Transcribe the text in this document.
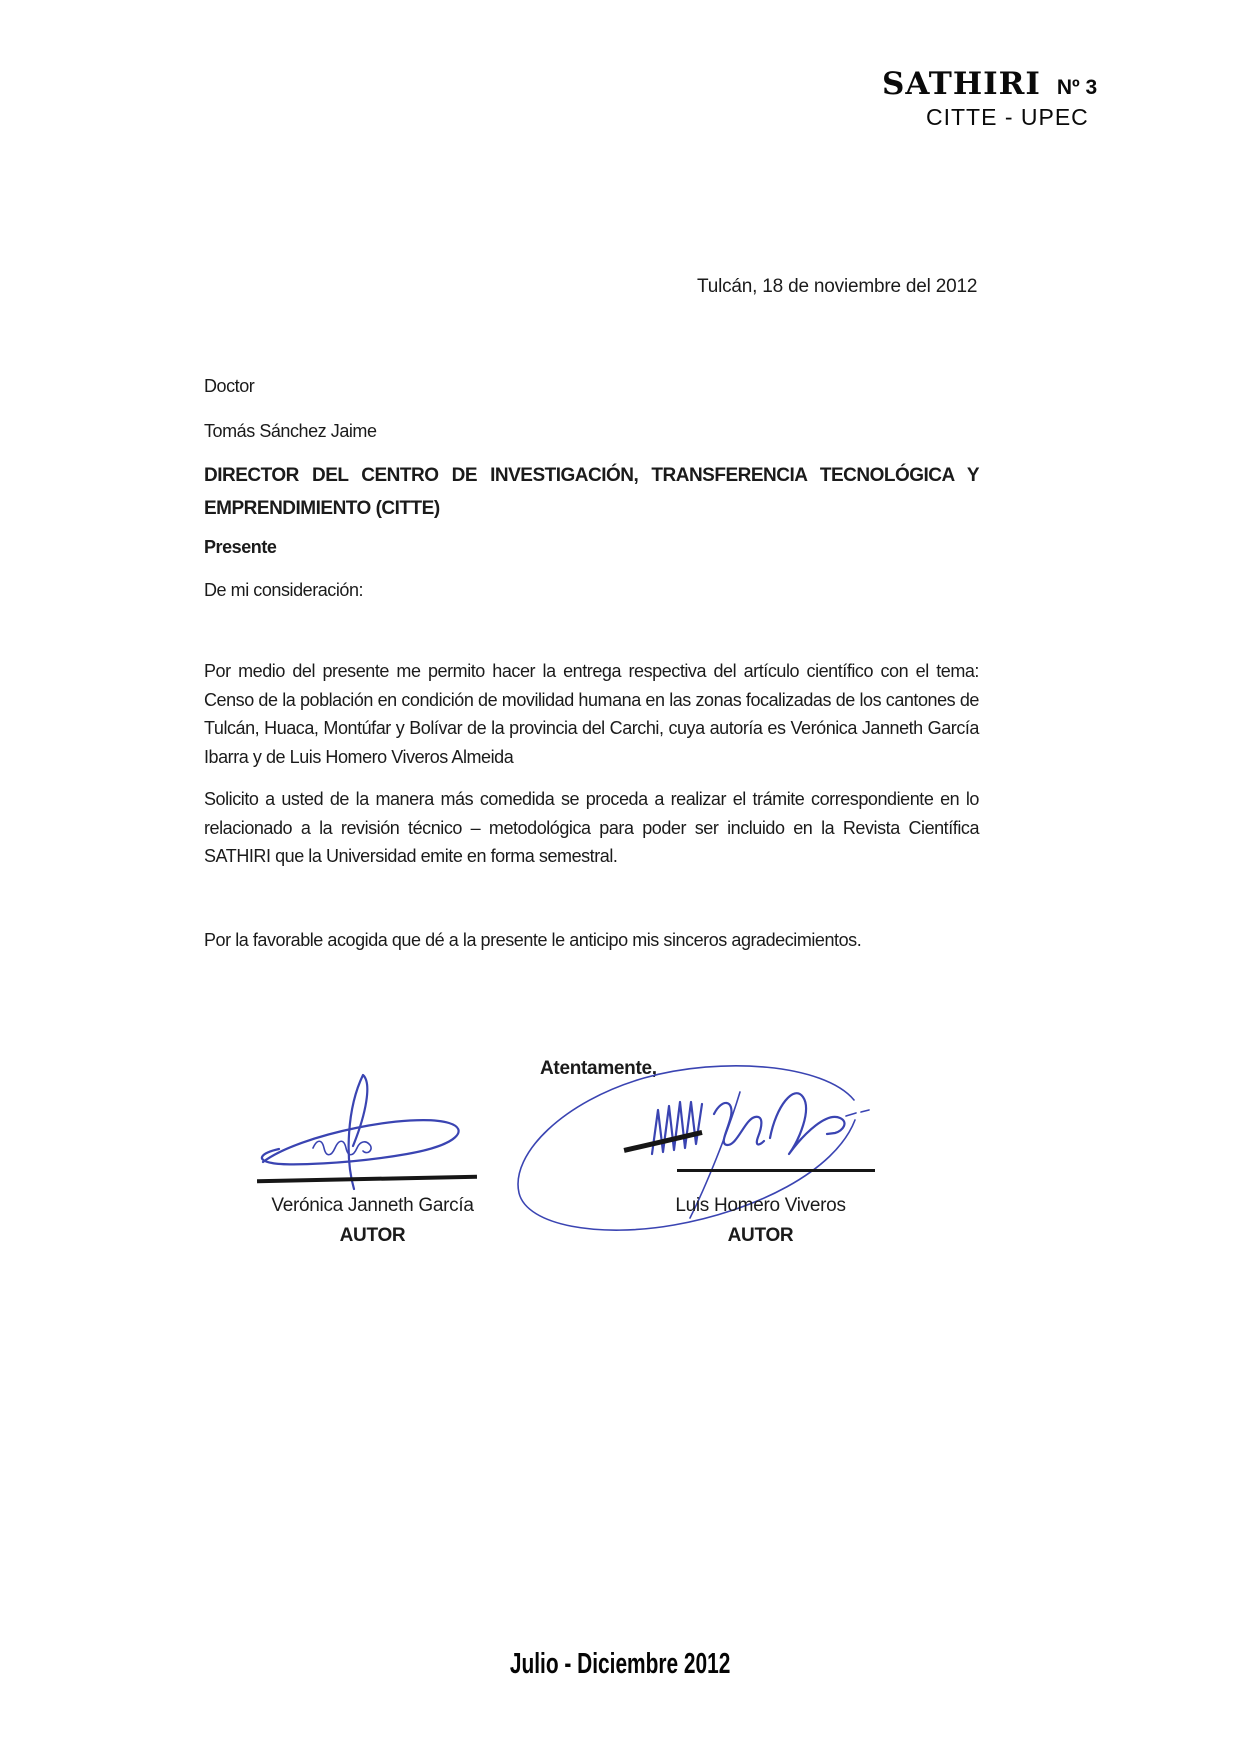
SATHIRI Nº 3
CITTE - UPEC
Tulcán, 18 de noviembre del 2012
Doctor
Tomás Sánchez Jaime
DIRECTOR DEL CENTRO DE INVESTIGACIÓN, TRANSFERENCIA TECNOLÓGICA Y
EMPRENDIMIENTO (CITTE)
Presente
De mi consideración:
Por medio del presente me permito hacer la entrega respectiva del artículo científico con el tema: Censo de la población en condición de movilidad humana en las zonas focalizadas de los cantones de Tulcán, Huaca, Montúfar y Bolívar de la provincia del Carchi, cuya autoría es Verónica Janneth García Ibarra y de Luis Homero Viveros Almeida
Solicito a usted de la manera más comedida se proceda a realizar el trámite correspondiente en lo relacionado a la revisión técnico – metodológica para poder ser incluido en la Revista Científica SATHIRI que la Universidad emite en forma semestral.
Por la favorable acogida que dé a la presente le anticipo mis sinceros agradecimientos.
Atentamente,
Verónica Janneth García
AUTOR
Luis Homero Viveros
AUTOR
Julio - Diciembre 2012
